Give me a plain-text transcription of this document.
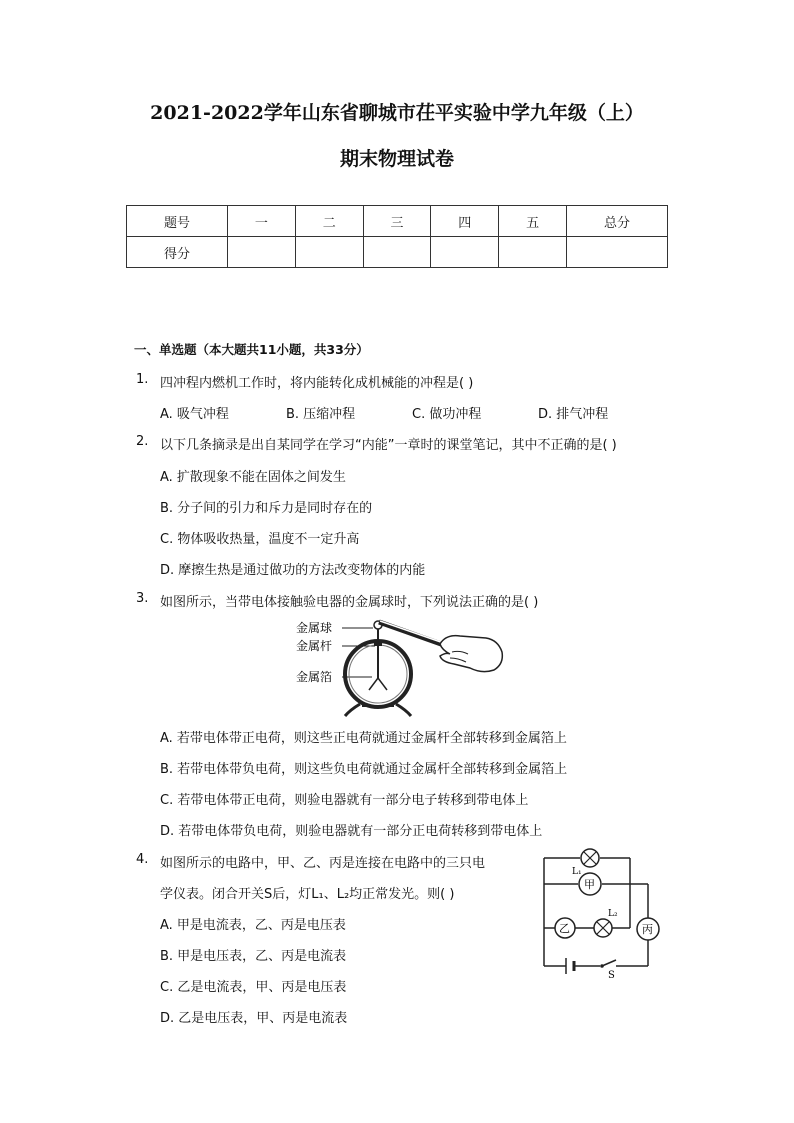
2021-2022学年山东省聊城市茌平实验中学九年级（上）
期末物理试卷
题号	一	二	三	四	五	总分
得分						
一、单选题（本大题共11小题，共33分）
1. 四冲程内燃机工作时，将内能转化成机械能的冲程是( )
A. 吸气冲程	B. 压缩冲程	C. 做功冲程	D. 排气冲程
2. 以下几条摘录是出自某同学在学习“内能”一章时的课堂笔记，其中不正确的是( )
A. 扩散现象不能在固体之间发生
B. 分子间的引力和斥力是同时存在的
C. 物体吸收热量，温度不一定升高
D. 摩擦生热是通过做功的方法改变物体的内能
3. 如图所示，当带电体接触验电器的金属球时，下列说法正确的是( )
金属球
金属杆
金属箔
A. 若带电体带正电荷，则这些正电荷就通过金属杆全部转移到金属箔上
B. 若带电体带负电荷，则这些负电荷就通过金属杆全部转移到金属箔上
C. 若带电体带正电荷，则验电器就有一部分电子转移到带电体上
D. 若带电体带负电荷，则验电器就有一部分正电荷转移到带电体上
4. 如图所示的电路中，甲、乙、丙是连接在电路中的三只电
学仪表。闭合开关S后，灯L₁、L₂均正常发光。则( )
A. 甲是电流表，乙、丙是电压表
B. 甲是电压表，乙、丙是电流表
C. 乙是电流表，甲、丙是电压表
D. 乙是电压表，甲、丙是电流表
L₁
甲
L₂
乙	丙
S
